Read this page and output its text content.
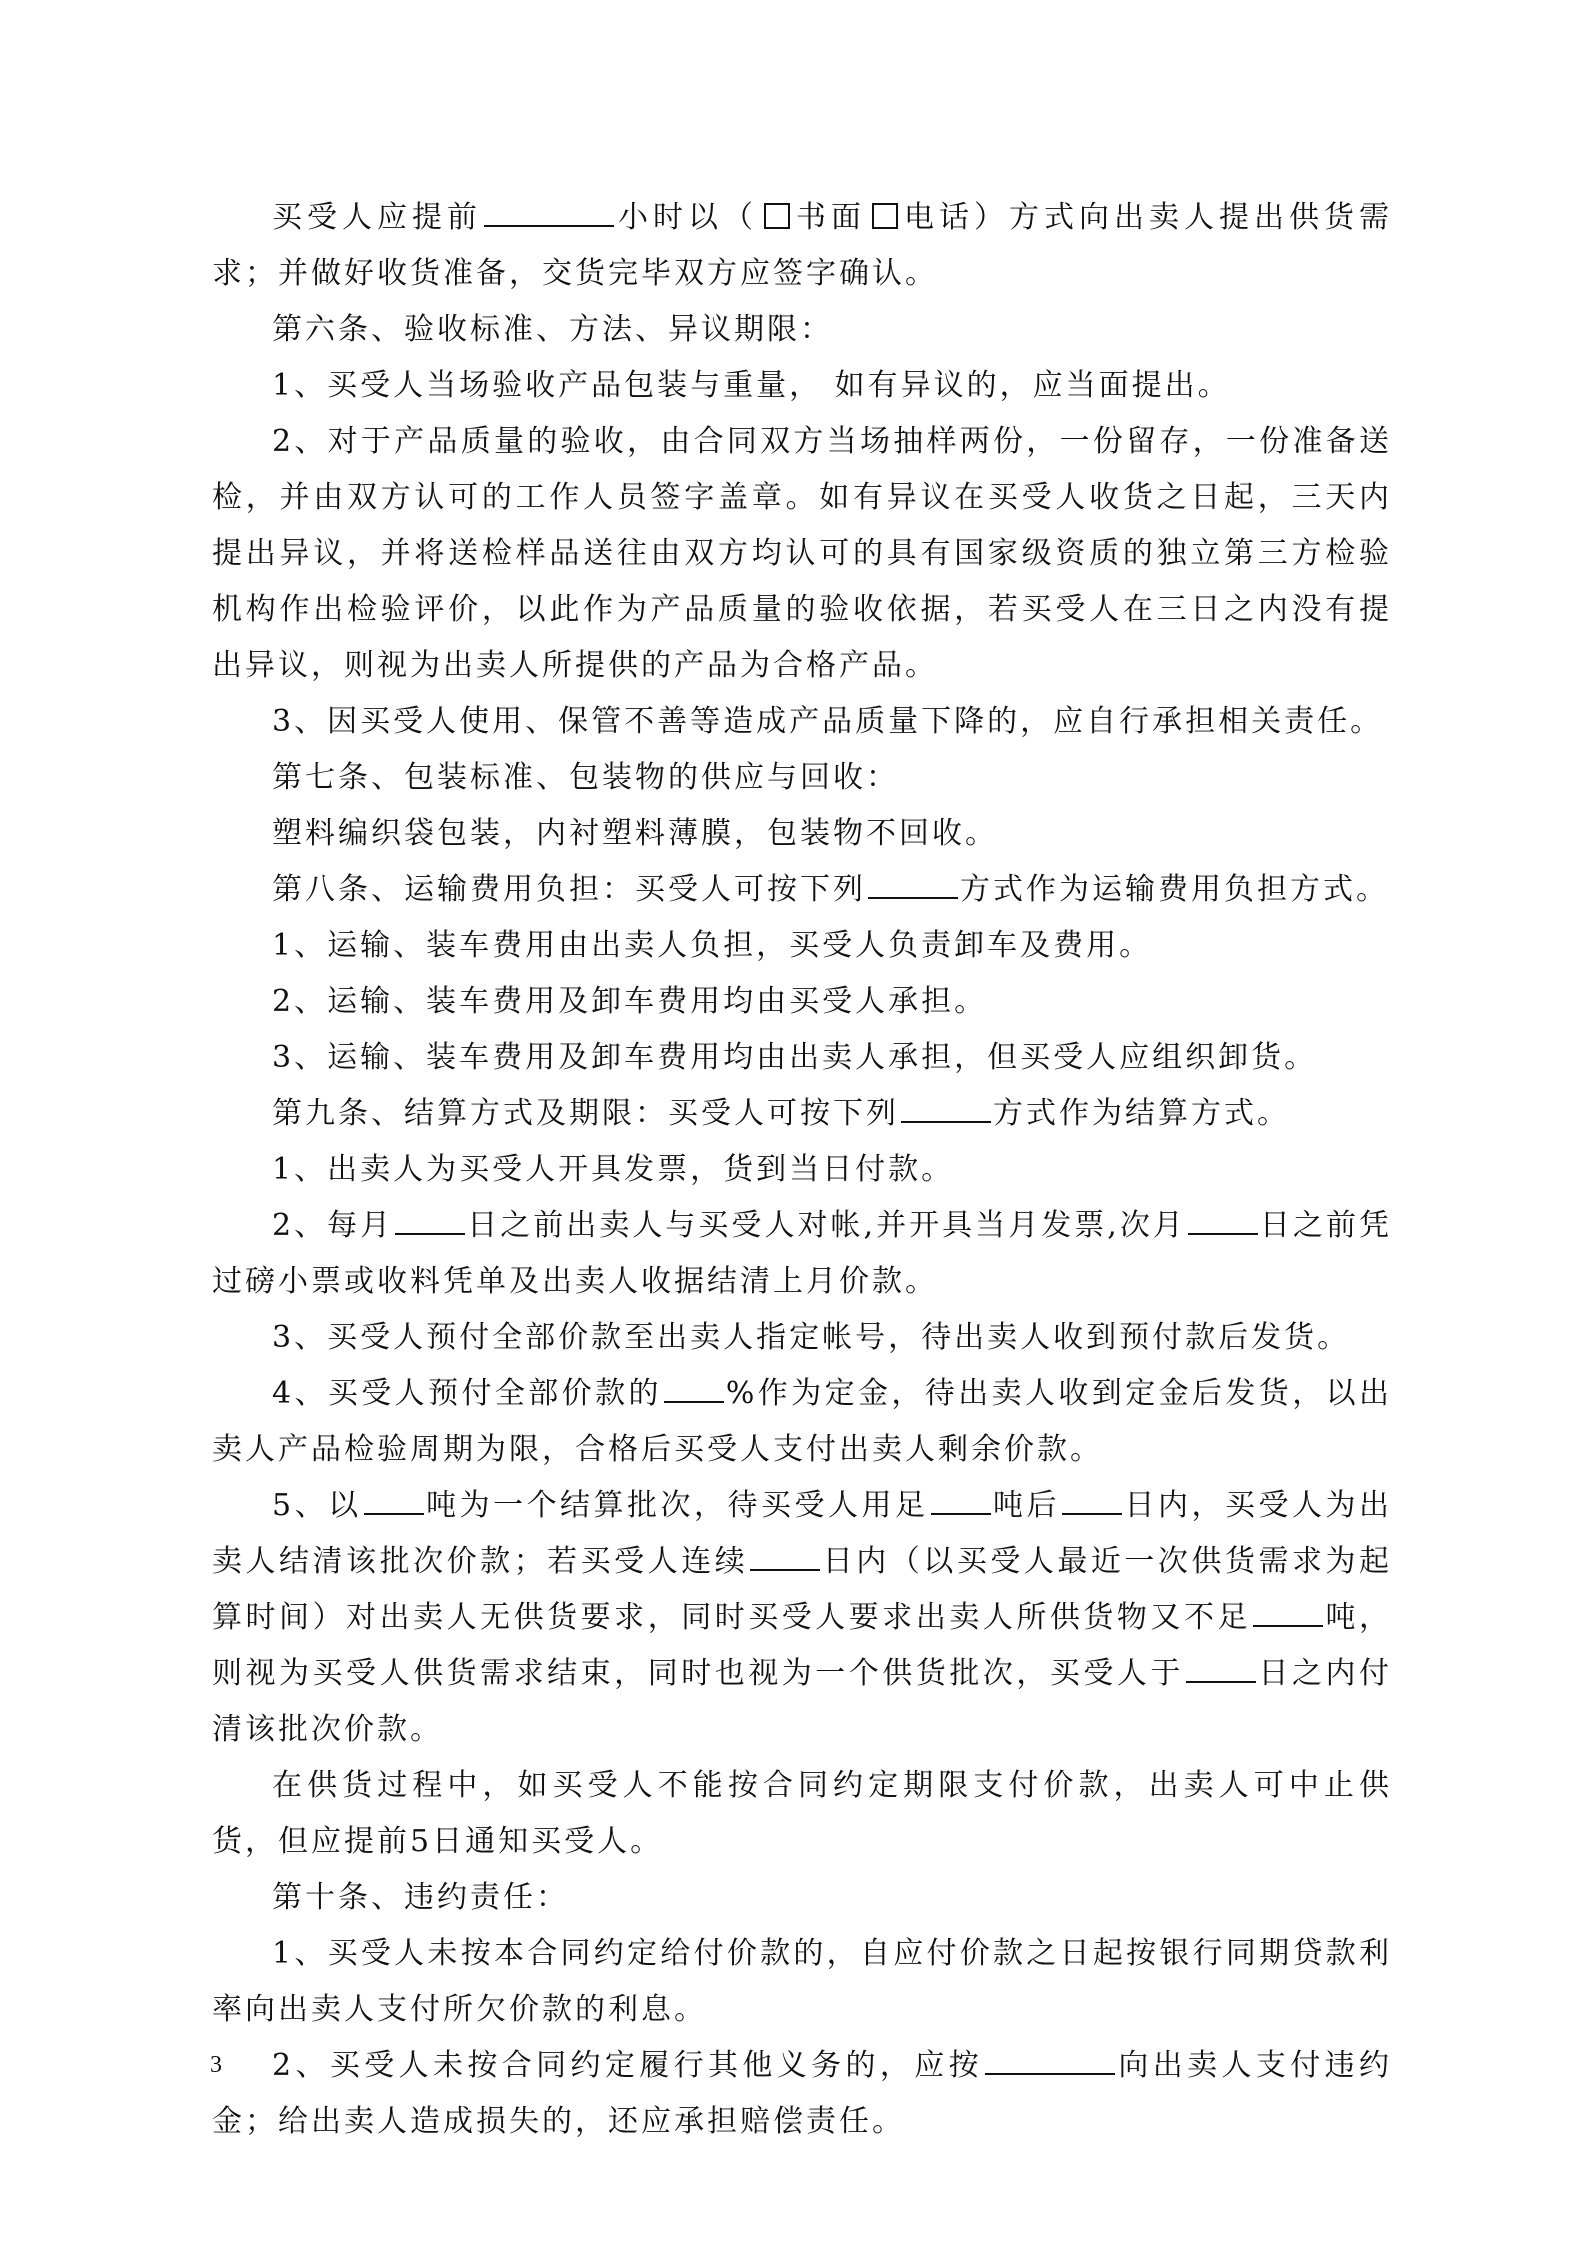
买受人应提前	小时以（ 书面 电话）方式向出卖人提出供货需求；并做好收货准备，交货完毕双方应签字确认。

第六条、验收标准、方法、异议期限：

1、买受人当场验收产品包装与重量， 如有异议的，应当面提出。

2、对于产品质量的验收，由合同双方当场抽样两份，一份留存，一份准备送检，并由双方认可的工作人员签字盖章。如有异议在买受人收货之日起，三天内提出异议，并将送检样品送往由双方均认可的具有国家级资质的独立第三方检验机构作出检验评价，以此作为产品质量的验收依据，若买受人在三日之内没有提出异议，则视为出卖人所提供的产品为合格产品。

3、因买受人使用、保管不善等造成产品质量下降的，应自行承担相关责任。

第七条、包装标准、包装物的供应与回收：

塑料编织袋包装，内衬塑料薄膜，包装物不回收。

第八条、运输费用负担：买受人可按下列	方式作为运输费用负担方式。

1、运输、装车费用由出卖人负担，买受人负责卸车及费用。

2、运输、装车费用及卸车费用均由买受人承担。

3、运输、装车费用及卸车费用均由出卖人承担，但买受人应组织卸货。

第九条、结算方式及期限：买受人可按下列	方式作为结算方式。

1、出卖人为买受人开具发票，货到当日付款。

2、每月 日之前出卖人与买受人对帐,并开具当月发票,次月 日之前凭过磅小票或收料凭单及出卖人收据结清上月价款。

3、买受人预付全部价款至出卖人指定帐号，待出卖人收到预付款后发货。

4、买受人预付全部价款的 %作为定金，待出卖人收到定金后发货，以出卖人产品检验周期为限，合格后买受人支付出卖人剩余价款。

5、以 吨为一个结算批次，待买受人用足 吨后 日内，买受人为出卖人结清该批次价款；若买受人连续 日内（以买受人最近一次供货需求为起算时间）对出卖人无供货要求，同时买受人要求出卖人所供货物又不足 吨，则视为买受人供货需求结束，同时也视为一个供货批次，买受人于 日之内付清该批次价款。

在供货过程中，如买受人不能按合同约定期限支付价款，出卖人可中止供货，但应提前5日通知买受人。

第十条、违约责任：

1、买受人未按本合同约定给付价款的，自应付价款之日起按银行同期贷款利率向出卖人支付所欠价款的利息。

2、买受人未按合同约定履行其他义务的，应按	向出卖人支付违约金；给出卖人造成损失的，还应承担赔偿责任。

3
